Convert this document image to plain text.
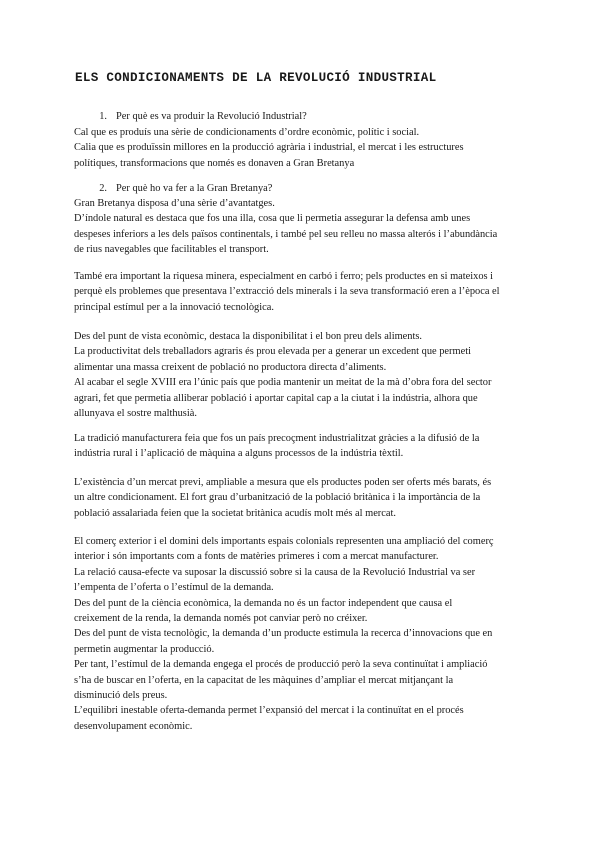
ELS CONDICIONAMENTS DE LA REVOLUCIÓ INDUSTRIAL
1. Per què es va produir la Revolució Industrial?
Cal que es produís una sèrie de condicionaments d’ordre econòmic, polític i social.
Calia que es produïssin millores en la producció agrària i industrial, el mercat i les estructures
polítiques, transformacions que només es donaven a Gran Bretanya
2. Per què ho va fer a la Gran Bretanya?
Gran Bretanya disposa d’una sèrie d’avantatges.
D’índole natural es destaca que fos una illa, cosa que li permetia assegurar la defensa amb unes
despeses inferiors a les dels països continentals, i també pel seu relleu no massa alterós i l’abundància
de rius navegables que facilitables el transport.
També era important la riquesa minera, especialment en carbó i ferro; pels productes en si mateixos i
perquè els problemes que presentava l’extracció dels minerals i la seva transformació eren a l’època el
principal estímul per a la innovació tecnològica.
Des del punt de vista econòmic, destaca la disponibilitat i el bon preu dels aliments.
La productivitat dels treballadors agraris és prou elevada per a generar un excedent que permeti
alimentar una massa creixent de població no productora directa d’aliments.
Al acabar el segle XVIII era l’únic país que podia mantenir un meitat de la mà d’obra fora del sector
agrari, fet que permetia alliberar població i aportar capital cap a la ciutat i la indústria, alhora que
allunyava el sostre malthusià.
La tradició manufacturera feia que fos un país precoçment industrialitzat gràcies a la difusió de la
indústria rural i l’aplicació de màquina a alguns processos de la indústria tèxtil.
L’existència d’un mercat previ, ampliable a mesura que els productes poden ser oferts més barats, és
un altre condicionament. El fort grau d’urbanització de la població britànica i la importància de la
població assalariada feien que la societat britànica acudís molt més al mercat.
El comerç exterior i el domini dels importants espais colonials representen una ampliació del comerç
interior i són importants com a fonts de matèries primeres i com a mercat manufacturer.
La relació causa-efecte va suposar la discussió sobre si la causa de la Revolució Industrial va ser
l’empenta de l’oferta o l’estímul de la demanda.
Des del punt de la ciència econòmica, la demanda no és un factor independent que causa el
creixement de la renda, la demanda només pot canviar però no créixer.
Des del punt de vista tecnològic, la demanda d’un producte estimula la recerca d’innovacions que en
permetin augmentar la producció.
Per tant, l’estímul de la demanda engega el procés de producció però la seva continuïtat i ampliació
s’ha de buscar en l’oferta, en la capacitat de les màquines d’ampliar el mercat mitjançant la
disminució dels preus.
L’equilibri inestable oferta-demanda permet l’expansió del mercat i la continuïtat en el procés
desenvolupament econòmic.
